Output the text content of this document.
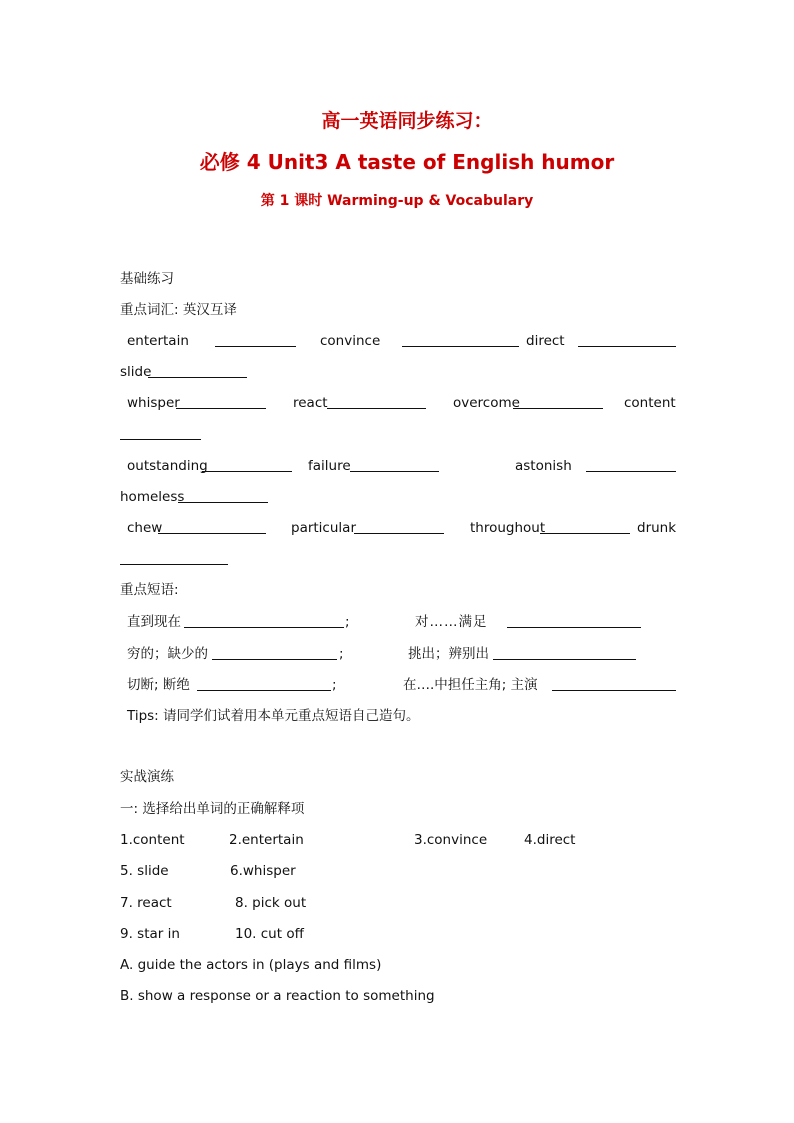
高一英语同步练习：
必修 4 Unit3 A taste of English humor
第 1 课时 Warming-up & Vocabulary
基础练习
重点词汇: 英汉互译
entertain	convince	direct
slide
whisper	react	overcome	content
outstanding	failure	astonish
homeless
chew	particular	throughout	drunk
重点短语:
直到现在	;	对……满足
穷的；缺少的	;	挑出；辨别出
切断; 断绝	;	在….中担任主角; 主演
Tips: 请同学们试着用本单元重点短语自己造句。
实战演练
一: 选择给出单词的正确解释项
1.content	2.entertain	3.convince	4.direct
5. slide	6.whisper
7. react	8. pick out
9. star in	10. cut off
A. guide the actors in (plays and films)
B. show a response or a reaction to something
